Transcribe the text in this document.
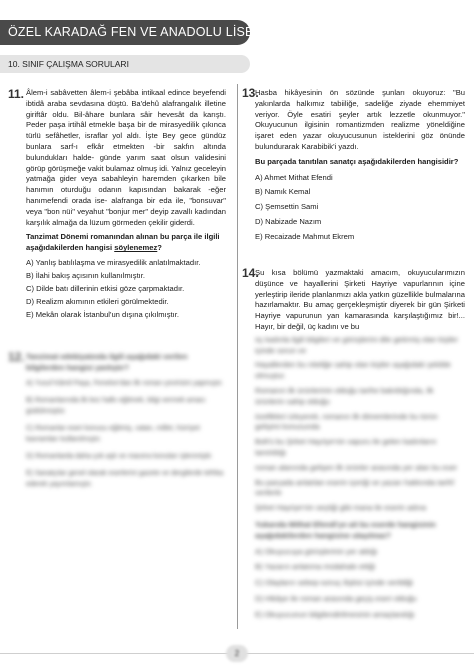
ÖZEL KARADAĞ FEN VE ANADOLU LİSESİ
10. SINIF ÇALIŞMA SORULARI
11. Âlem-i sabâvetten âlem-i şebâba intikaal edince beyefendi ibtidâ araba sevdasına düştü. Ba'dehû alafrangalık illetine giriftâr oldu. Bil-âhare bunlara sâir hevesât da karıştı. Peder paşa irtihâl etmekle başa bir de mirasyedilik çıkınca türlü sefâhetler, israflar yol aldı. İşte Bey gece gündüz bunlara sarf-ı efkâr etmekten -bir sakfın altında bulundukları halde- günde yarım saat olsun validesini görüp görüşmeğe vakit bulamaz olmuş idi. Yalnız geceleyin yatmağa gider veya sabahleyin haremden çıkarken bile hanımın oturduğu odanın kapısından bakarak -eğer hanımefendi orada ise- alafranga bir eda ile, "bonsuvar" veya "bon nüi" veyahut "bonjur mer" deyip zavallı kadından karşılık almağa da lüzum görmeden çekilir giderdi.

Tanzimat Dönemi romanından alınan bu parça ile ilgili aşağıdakilerden hangisi söylenemez?

A) Yanlış batılılaşma ve mirasyedilik anlatılmaktadır.
B) İlahi bakış açısının kullanılmıştır.
C) Dilde batı dillerinin etkisi göze çarpmaktadır.
D) Realizm akımının etkileri görülmektedir.
E) Mekân olarak İstanbul'un dışına çıkılmıştır.
12. Tanzimat edebiyatında ilgili aşağıdaki verilen bilgilerden hangisi yanlıştır?

A) Yusuf Kâmil Paşa, Fenelon'dan ilk roman çevirisini yapmıştır.
B) Romanlarında ilk kez halkı eğitmek, bilgi vermek amacı güdülmüştür.
C) Romanlar eseri konusu eğitmiş, vatan, millet, hürriyet kavramları kullanılmıştır.
D) Romanlarda daha çok aşk ve macera konuları işlenmiştir.
E) Sanatçılar genel olarak eserlerini gazete ve dergilerde tefrika ederek yayımlamıştır.
13.

Hasba hikâyesinin ön sözünde şunları okuyoruz: "Bu yakınlarda halkımız tabiiliğe, sadeliğe ziyade ehemmiyet veriyor. Öyle esatiri şeyler artık lezzetle okunmuyor." Okuyucunun ilgisinin romantizmden realizme yöneldiğine işaret eden yazar okuyucusunun isteklerini göz önünde bulundurarak Karabibik'i yazdı.

Bu parçada tanıtılan sanatçı aşağıdakilerden hangisidir?

A) Ahmet Mithat Efendi
B) Namık Kemal
C) Şemsettin Sami
D) Nabizade Nazım
E) Recaizade Mahmut Ekrem
14.

Şu kısa bölümü yazmaktaki amacım, okuyucularımızın düşünce ve hayallerini Şirketi Hayriye vapurlarının içine yerleştirip ileride planlanmızı akla yatkın güzellikle bulmalarına hazırlamaktır. Bu amaç gerçekleşmiştir diyerek bir gün Şirketi Hayriye vapurunun yan kamarasında karşılaştığımız bir!... Hayır, bir değil, üç kadını ve bu

üç kadınla ilgili bilgileri ve görüşlerini dile getirmiş olan kişiler içinde sorun ve
Hayallerden bu niteliğe sahip olan kişiler aşağıdaki şekilde olmuştur.
Romanın ilk ürünlerinin olduğu tarihe bakıldığında, ilk ürünlerin sahip olduğu
özellikleri izleyerek, romanın ilk dönemlerinde bu türün gelişimi konusunda
Bolt'ü bu Şirket Hayriye'nin vapuru ile gelen kadınların tanıtıldığı
roman alanında gelişen ilk ürünler arasında yer alan bu eser
Bu parçada anlatılan eserin içeriği ve yazarı hakkında tarihî verilerle
Şirket Hayriye'nin seçtiği gibi mana ile eserin adına
Yukarıda Mithat Efendi'ye ait bu eserde hangisinin
aşağıdakilerden hangisine ulaşılmaz?
A) Okuyucuya görüşlerinin yer aldığı
B) Yazarın anlatıma müdahale ettiği
C) Olayların sebep-sonuç ilişkisi içinde verildiği
D) Hikâye ile roman arasında geçiş eseri olduğu
E) Okuyucunun bilgilendirilmesinin amaçlandığı
2
